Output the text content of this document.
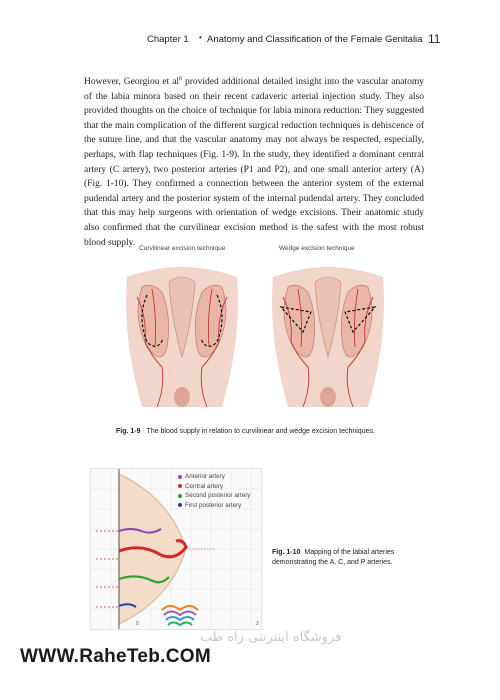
Chapter 1 • Anatomy and Classification of the Female Genitalia 11
However, Georgiou et $al^6$ provided additional detailed insight into the vascular anatomy of the labia minora based on their recent cadaveric arterial injection study. They also provided thoughts on the choice of technique for labia minora reduction: They suggested that the main complication of the different surgical reduction techniques is dehiscence of the suture line, and that the vascular anatomy may not always be respected, especially, perhaps, with flap techniques (Fig. 1-9). In the study, they identified a dominant central artery (C artery), two posterior arteries (P1 and P2), and one small anterior artery (A) (Fig. 1-10). They confirmed a connection between the anterior system of the external pudendal artery and the posterior system of the internal pudendal artery. They concluded that this may help surgeons with orientation of wedge excisions. Their anatomic study also confirmed that the curvilinear excision method is the safest with the most robust blood supply.
Curvilinear excision technique	Wedge excision technique
Fig. 1-9 The blood supply in relation to curvilinear and wedge excision techniques.
0	2
Anterior artery
Central artery
Second posterior artery
First posterior artery
Fig. 1-10 Mapping of the labial arteries demonstrating the A, C, and P arteries.
فروشگاه اینترنتی راه طب
WWW.RaheTeb.COM
